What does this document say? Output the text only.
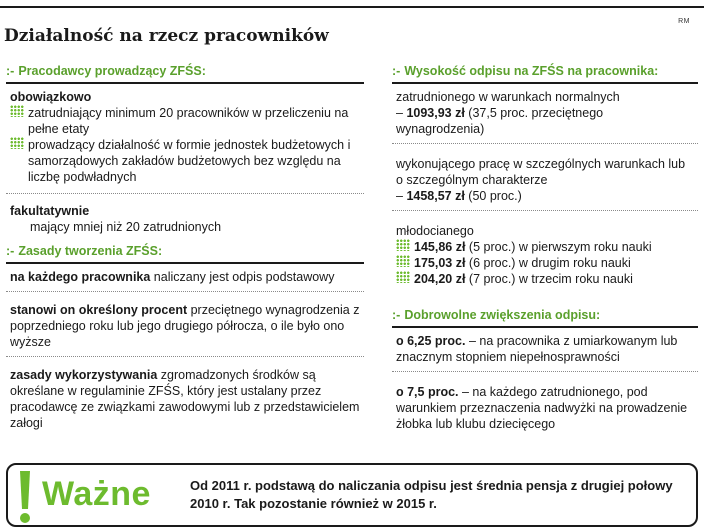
RM
Działalność na rzecz pracowników
:- Pracodawcy prowadzący ZFŚS:
obowiązkowo
zatrudniający minimum 20 pracowników w przeliczeniu na pełne etaty
prowadzący działalność w formie jednostek budżetowych i samorządowych zakładów budżetowych bez względu na liczbę podwładnych
fakultatywnie
mający mniej niż 20 zatrudnionych
:- Zasady tworzenia ZFŚS:
na każdego pracownika naliczany jest odpis podstawowy
stanowi on określony procent przeciętnego wynagrodzenia z poprzedniego roku lub jego drugiego półrocza, o ile było ono wyższe
zasady wykorzystywania zgromadzonych środków są określane w regulaminie ZFŚS, który jest ustalany przez pracodawcę ze związkami zawodowymi lub z przedstawicielem załogi
:- Wysokość odpisu na ZFŚS na pracownika:
zatrudnionego w warunkach normalnych
– 1093,93 zł (37,5 proc. przeciętnego wynagrodzenia)
wykonującego pracę w szczególnych warunkach lub o szczególnym charakterze
– 1458,57 zł (50 proc.)
młodocianego
145,86 zł (5 proc.) w pierwszym roku nauki
175,03 zł (6 proc.) w drugim roku nauki
204,20 zł (7 proc.) w trzecim roku nauki
:- Dobrowolne zwiększenia odpisu:
o 6,25 proc. – na pracownika z umiarkowanym lub znacznym stopniem niepełnosprawności
o 7,5 proc. – na każdego zatrudnionego, pod warunkiem przeznaczenia nadwyżki na prowadzenie żłobka lub klubu dziecięcego
Ważne	Od 2011 r. podstawą do naliczania odpisu jest średnia pensja z drugiej połowy 2010 r. Tak pozostanie również w 2015 r.
